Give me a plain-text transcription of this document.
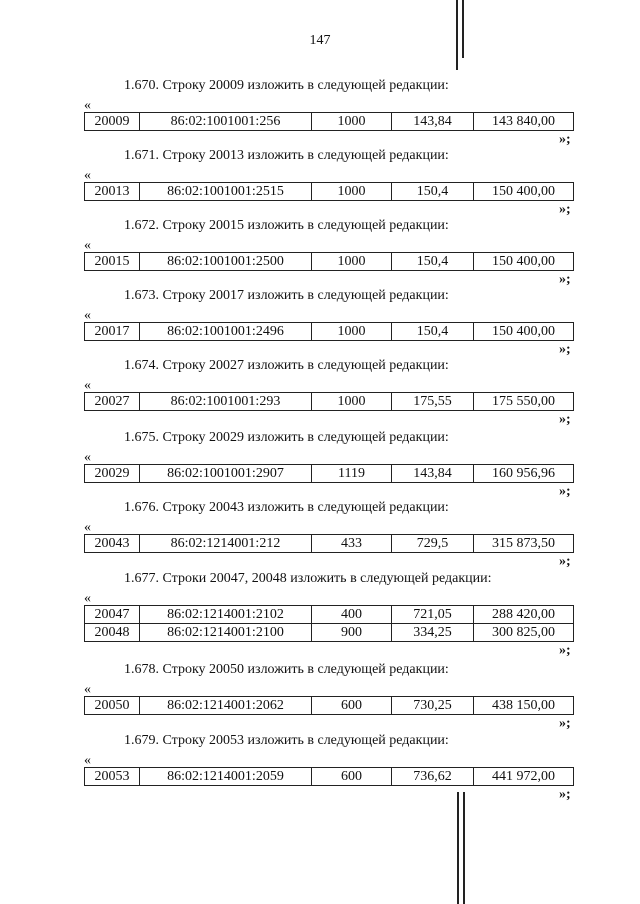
147
1.670. Строку 20009 изложить в следующей редакции:
«
20009	86:02:1001001:256	1000	143,84	143 840,00
»;
1.671. Строку 20013 изложить в следующей редакции:
«
20013	86:02:1001001:2515	1000	150,4	150 400,00
»;
1.672. Строку 20015 изложить в следующей редакции:
«
20015	86:02:1001001:2500	1000	150,4	150 400,00
»;
1.673. Строку 20017 изложить в следующей редакции:
«
20017	86:02:1001001:2496	1000	150,4	150 400,00
»;
1.674. Строку 20027 изложить в следующей редакции:
«
20027	86:02:1001001:293	1000	175,55	175 550,00
»;
1.675. Строку 20029 изложить в следующей редакции:
«
20029	86:02:1001001:2907	1119	143,84	160 956,96
»;
1.676. Строку 20043 изложить в следующей редакции:
«
20043	86:02:1214001:212	433	729,5	315 873,50
»;
1.677. Строки 20047, 20048 изложить в следующей редакции:
«
20047	86:02:1214001:2102	400	721,05	288 420,00
20048	86:02:1214001:2100	900	334,25	300 825,00
»;
1.678. Строку 20050 изложить в следующей редакции:
«
20050	86:02:1214001:2062	600	730,25	438 150,00
»;
1.679. Строку 20053 изложить в следующей редакции:
«
20053	86:02:1214001:2059	600	736,62	441 972,00
»;
